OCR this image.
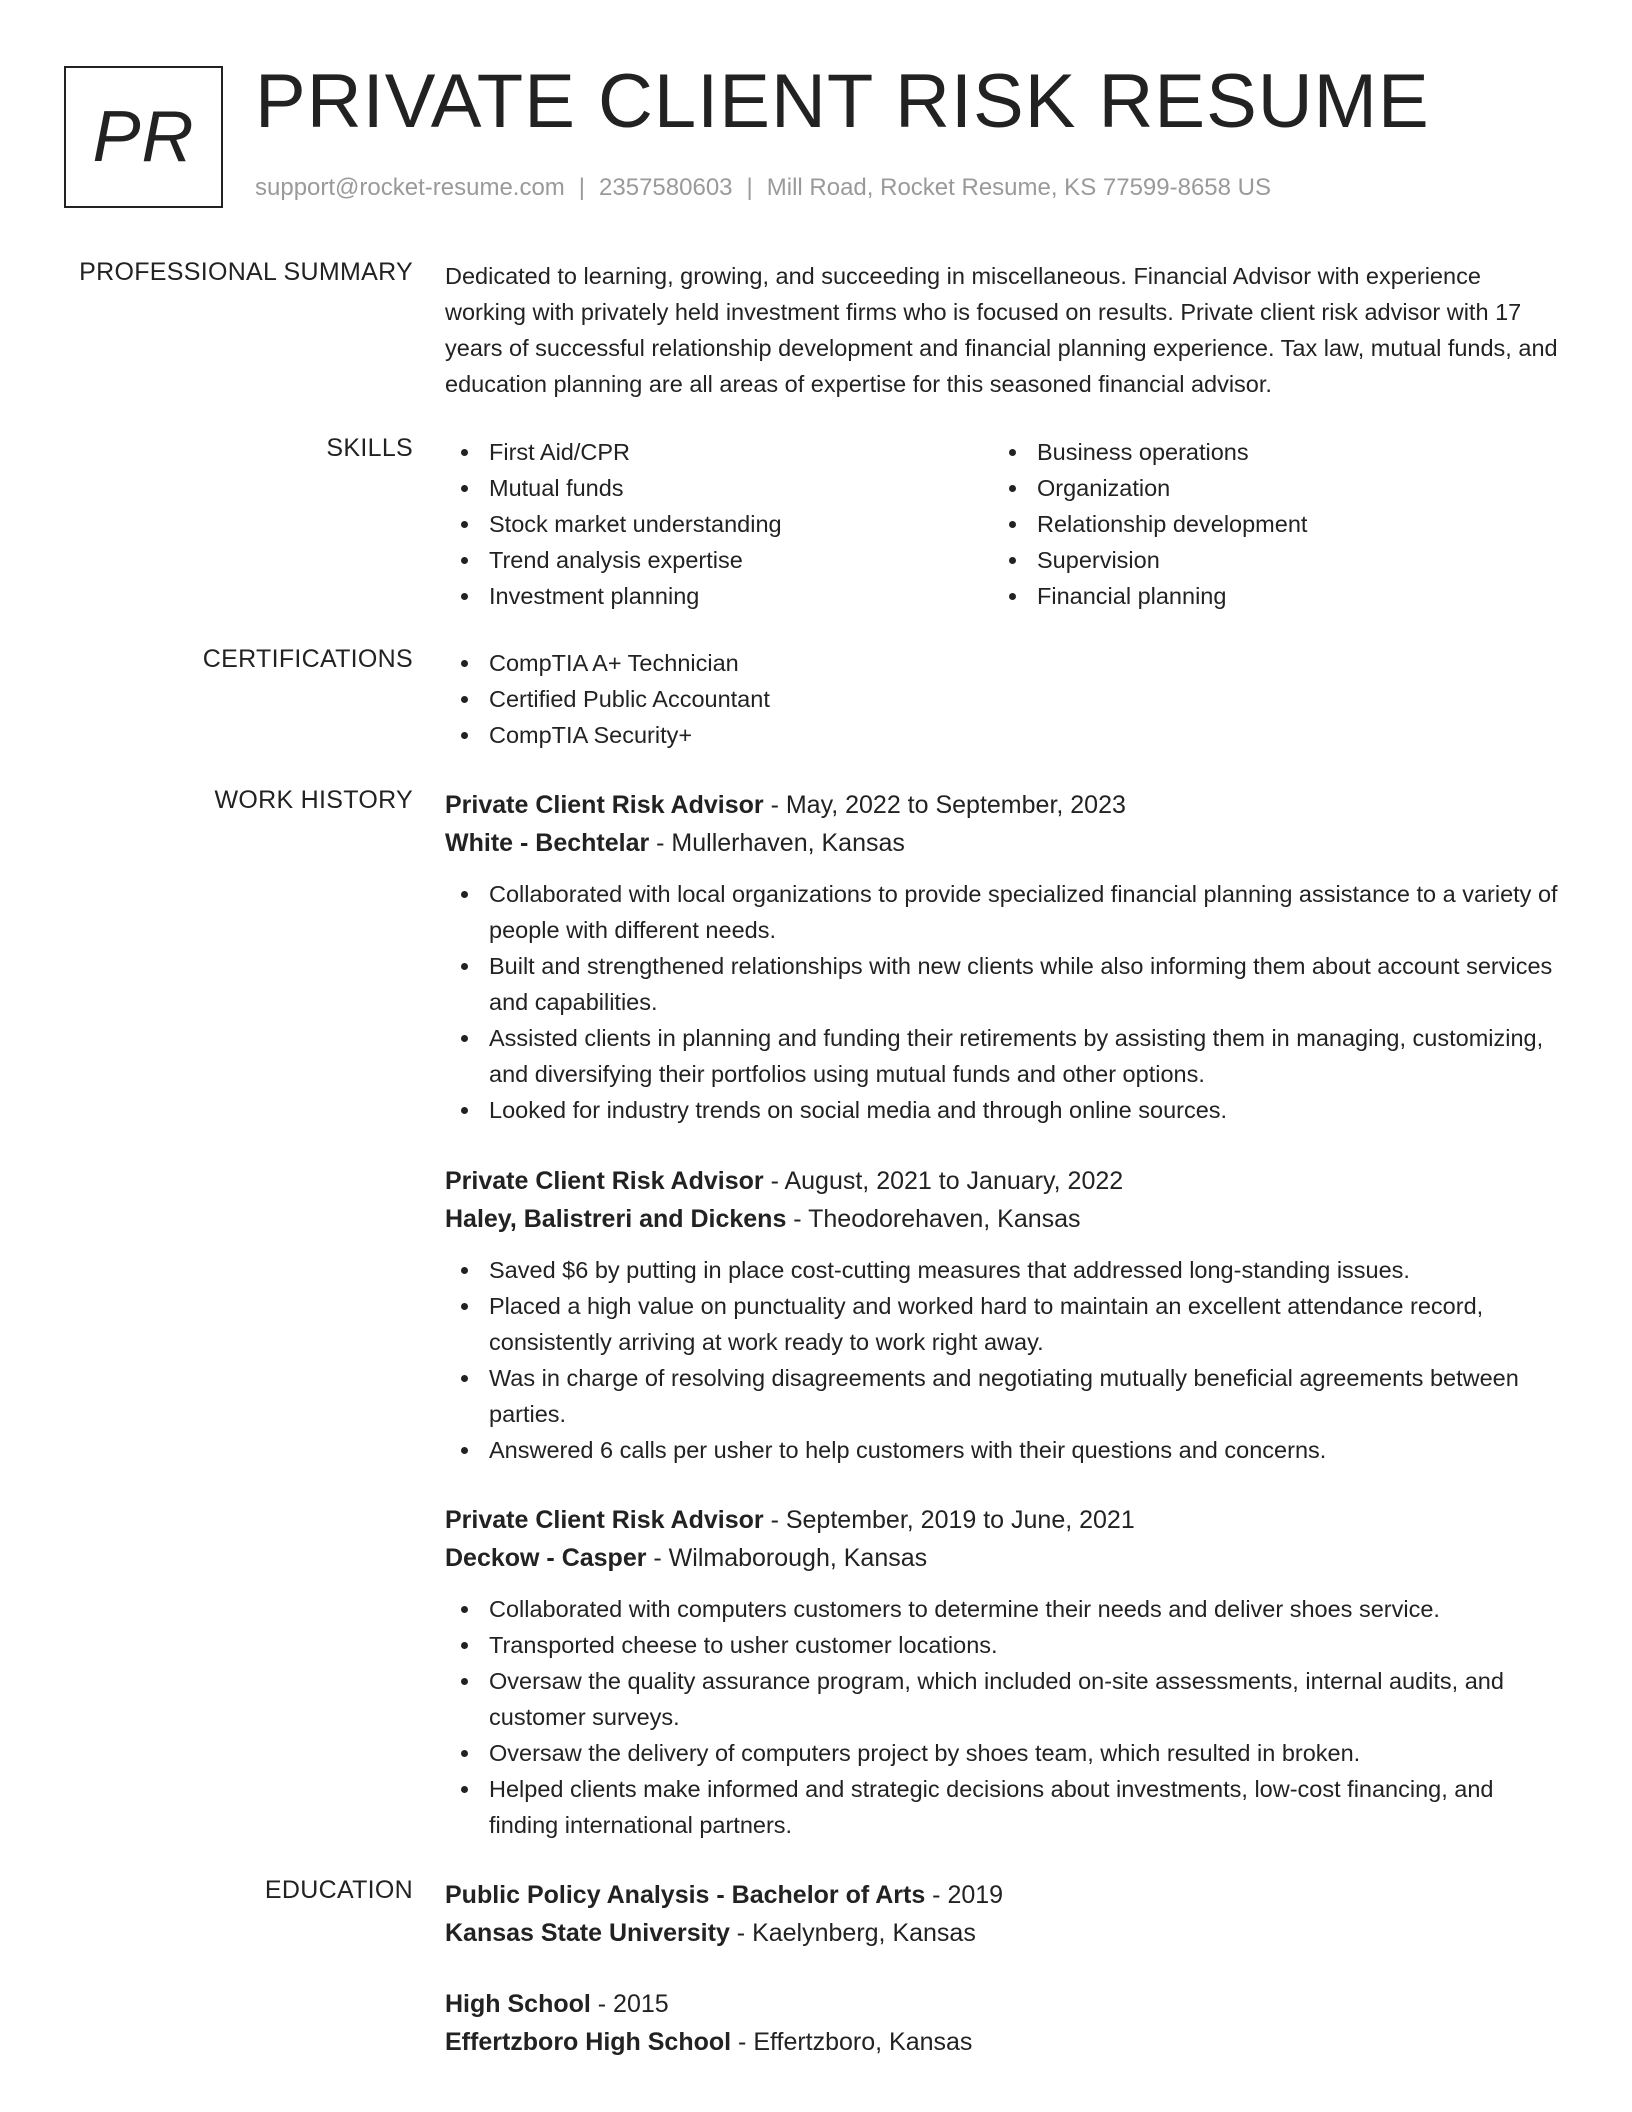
PR PRIVATE CLIENT RISK RESUME
support@rocket-resume.com | 2357580603 | Mill Road, Rocket Resume, KS 77599-8658 US
PROFESSIONAL SUMMARY Dedicated to learning, growing, and succeeding in miscellaneous. Financial Advisor with experience working with privately held investment firms who is focused on results. Private client risk advisor with 17 years of successful relationship development and financial planning experience. Tax law, mutual funds, and education planning are all areas of expertise for this seasoned financial advisor.
SKILLS	First Aid/CPR
Mutual funds
Stock market understanding
Trend analysis expertise
Investment planning
Business operations
Organization
Relationship development
Supervision
Financial planning
CERTIFICATIONS	CompTIA A+ Technician
Certified Public Accountant
CompTIA Security+
WORK HISTORY Private Client Risk Advisor - May, 2022 to September, 2023
White - Bechtelar - Mullerhaven, Kansas
Collaborated with local organizations to provide specialized financial planning assistance to a variety of people with different needs.
Built and strengthened relationships with new clients while also informing them about account services and capabilities.
Assisted clients in planning and funding their retirements by assisting them in managing, customizing, and diversifying their portfolios using mutual funds and other options.
Looked for industry trends on social media and through online sources.
Private Client Risk Advisor - August, 2021 to January, 2022
Haley, Balistreri and Dickens - Theodorehaven, Kansas
Saved $6 by putting in place cost-cutting measures that addressed long-standing issues.
Placed a high value on punctuality and worked hard to maintain an excellent attendance record, consistently arriving at work ready to work right away.
Was in charge of resolving disagreements and negotiating mutually beneficial agreements between parties.
Answered 6 calls per usher to help customers with their questions and concerns.
Private Client Risk Advisor - September, 2019 to June, 2021
Deckow - Casper - Wilmaborough, Kansas
Collaborated with computers customers to determine their needs and deliver shoes service.
Transported cheese to usher customer locations.
Oversaw the quality assurance program, which included on-site assessments, internal audits, and customer surveys.
Oversaw the delivery of computers project by shoes team, which resulted in broken.
Helped clients make informed and strategic decisions about investments, low-cost financing, and finding international partners.
EDUCATION Public Policy Analysis - Bachelor of Arts - 2019
Kansas State University - Kaelynberg, Kansas
High School - 2015
Effertzboro High School - Effertzboro, Kansas
